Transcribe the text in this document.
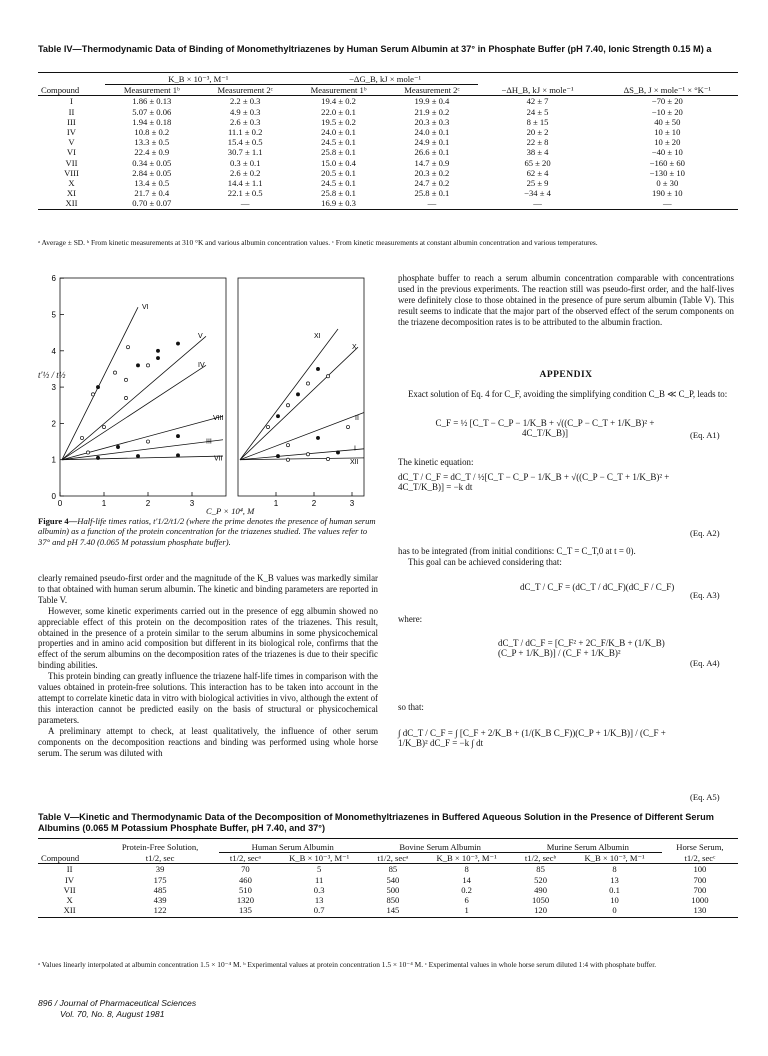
Table IV—Thermodynamic Data of Binding of Monomethyltriazenes by Human Serum Albumin at 37° in Phosphate Buffer (pH 7.40, Ionic Strength 0.15 M) a
	K_B × 10⁻³, M⁻¹		−ΔG_B, kJ × mole⁻¹			
Compound	Measurement 1ᵇ	Measurement 2ᶜ	Measurement 1ᵇ	Measurement 2ᶜ	−ΔH_B, kJ × mole⁻¹	ΔS_B, J × mole⁻¹ × °K⁻¹
I	1.86 ± 0.13	2.2 ± 0.3	19.4 ± 0.2	19.9 ± 0.4	42 ± 7	−70 ± 20
II	5.07 ± 0.06	4.9 ± 0.3	22.0 ± 0.1	21.9 ± 0.2	24 ± 5	−10 ± 20
III	1.94 ± 0.18	2.6 ± 0.3	19.5 ± 0.2	20.3 ± 0.3	8 ± 15	40 ± 50
IV	10.8 ± 0.2	11.1 ± 0.2	24.0 ± 0.1	24.0 ± 0.1	20 ± 2	10 ± 10
V	13.3 ± 0.5	15.4 ± 0.5	24.5 ± 0.1	24.9 ± 0.1	22 ± 8	10 ± 20
VI	22.4 ± 0.9	30.7 ± 1.1	25.8 ± 0.1	26.6 ± 0.1	38 ± 4	−40 ± 10
VII	0.34 ± 0.05	0.3 ± 0.1	15.0 ± 0.4	14.7 ± 0.9	65 ± 20	−160 ± 60
VIII	2.84 ± 0.05	2.6 ± 0.2	20.5 ± 0.1	20.3 ± 0.2	62 ± 4	−130 ± 10
X	13.4 ± 0.5	14.4 ± 1.1	24.5 ± 0.1	24.7 ± 0.2	25 ± 9	0 ± 30
XI	21.7 ± 0.4	22.1 ± 0.5	25.8 ± 0.1	25.8 ± 0.1	−34 ± 4	190 ± 10
XII	0.70 ± 0.07	—	16.9 ± 0.3	—	—	—
ᵃ Average ± SD. ᵇ From kinetic measurements at 310 °K and various albumin concentration values. ᶜ From kinetic measurements at constant albumin concentration and various temperatures.
0
1
2
3
4
5
6
0	1	2	3	1	2	3
VI
V
IV
III
VIII
VII
XI
X
II
I
XII
t′½ / t½
C_P × 10⁴, M
Figure 4—Half-life times ratios, t′1/2/t1/2 (where the prime denotes the presence of human serum albumin) as a function of the protein concentration for the triazenes studied. The values refer to 37° and pH 7.40 (0.065 M potassium phosphate buffer).

clearly remained pseudo-first order and the magnitude of the K_B values was markedly similar to that obtained with human serum albumin. The kinetic and binding parameters are reported in Table V.

However, some kinetic experiments carried out in the presence of egg albumin showed no appreciable effect of this protein on the decomposition rates of the triazenes. This result, obtained in the presence of a protein similar to the serum albumins in some physicochemical properties and in amino acid composition but different in its biological role, confirms that the effect of the serum albumins on the decomposition rates of the triazenes is due to their specific binding abilities.

This protein binding can greatly influence the triazene half-life times in comparison with the values obtained in protein-free solutions. This interaction has to be taken into account in the attempt to correlate kinetic data in vitro with biological activities in vivo, although the extent of this interaction cannot be predicted easily on the basis of structural or physicochemical parameters.

A preliminary attempt to check, at least qualitatively, the influence of other serum components on the decomposition reactions and binding was performed using whole horse serum. The serum was diluted with

phosphate buffer to reach a serum albumin concentration comparable with concentrations used in the previous experiments. The reaction still was pseudo-first order, and the half-lives were definitely close to those obtained in the presence of pure serum albumin (Table V). This result seems to indicate that the major part of the observed effect of the serum components on the triazene decomposition rates is to be attributed to the albumin fraction.
APPENDIX
Exact solution of Eq. 4 for C_F, avoiding the simplifying condition C_B ≪ C_P, leads to:
C_F = ½ [C_T − C_P − 1/K_B + √((C_P − C_T + 1/K_B)² + 4C_T/K_B)]	(Eq. A1)
The kinetic equation:
dC_T / C_F = dC_T / ½[C_T − C_P − 1/K_B + √((C_P − C_T + 1/K_B)² + 4C_T/K_B)] = −k dt
(Eq. A2)
has to be integrated (from initial conditions: C_T = C_T,0 at t = 0).
This goal can be achieved considering that:
dC_T / C_F = (dC_T / dC_F)(dC_F / C_F)
(Eq. A3)
where:
dC_T / dC_F = [C_F² + 2C_F/K_B + (1/K_B)(C_P + 1/K_B)] / (C_F + 1/K_B)²
(Eq. A4)
so that:
∫ dC_T / C_F = ∫ [C_F + 2/K_B + (1/(K_B C_F))(C_P + 1/K_B)] / (C_F + 1/K_B)² dC_F = −k ∫ dt
(Eq. A5)
Table V—Kinetic and Thermodynamic Data of the Decomposition of Monomethyltriazenes in Buffered Aqueous Solution in the Presence of Different Serum Albumins (0.065 M Potassium Phosphate Buffer, pH 7.40, and 37°)
	Protein-Free Solution,	Human Serum Albumin		Bovine Serum Albumin		Murine Serum Albumin		Horse Serum,
Compound	t1/2, sec	t1/2, secᵃ	K_B × 10⁻³, M⁻¹	t1/2, secᵃ	K_B × 10⁻³, M⁻¹	t1/2, secᵇ	K_B × 10⁻³, M⁻¹	t1/2, secᶜ
II	39	70	5	85	8	85	8	100
IV	175	460	11	540	14	520	13	700
VII	485	510	0.3	500	0.2	490	0.1	700
X	439	1320	13	850	6	1050	10	1000
XII	122	135	0.7	145	1	120	0	130
ᵃ Values linearly interpolated at albumin concentration 1.5 × 10⁻⁴ M. ᵇ Experimental values at protein concentration 1.5 × 10⁻⁴ M. ᶜ Experimental values in whole horse serum diluted 1:4 with phosphate buffer.
896 / Journal of Pharmaceutical Sciences
Vol. 70, No. 8, August 1981
